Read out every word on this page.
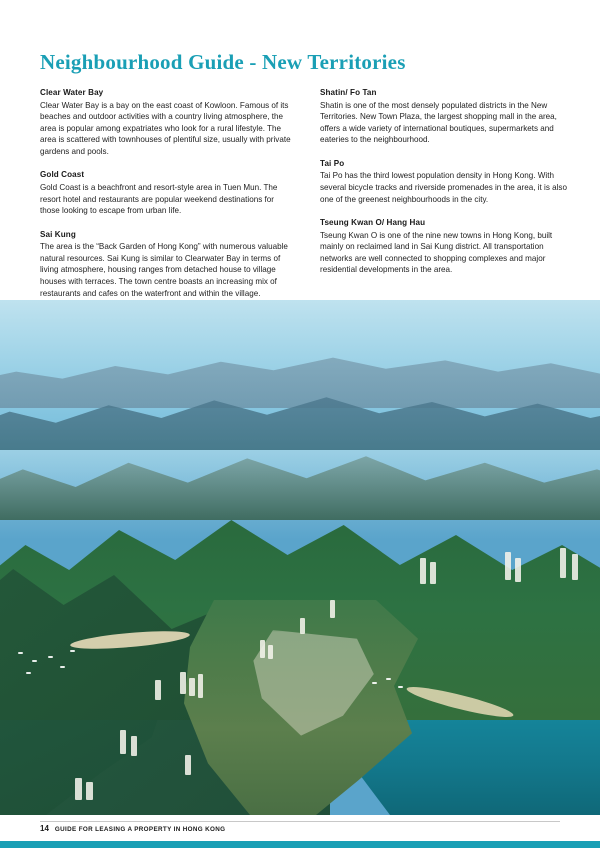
Neighbourhood Guide - New Territories
Clear Water Bay
Clear Water Bay is a bay on the east coast of Kowloon. Famous of its beaches and outdoor activities with a country living atmosphere, the area is popular among expatriates who look for a rural lifestyle. The area is scattered with townhouses of plentiful size, usually with private gardens and pools.
Gold Coast
Gold Coast is a beachfront and resort-style area in Tuen Mun. The resort hotel and restaurants are popular weekend destinations for those looking to escape from urban life.
Sai Kung
The area is the “Back Garden of Hong Kong” with numerous valuable natural resources. Sai Kung is similar to Clearwater Bay in terms of living atmosphere, housing ranges from detached house to village houses with terraces. The town centre boasts an increasing mix of restaurants and cafes on the waterfront and within the village.
Shatin/ Fo Tan
Shatin is one of the most densely populated districts in the New Territories. New Town Plaza, the largest shopping mall in the area, offers a wide variety of international boutiques, supermarkets and eateries to the neighbourhood.
Tai Po
Tai Po has the third lowest population density in Hong Kong. With several bicycle tracks and riverside promenades in the area, it is also one of the greenest neighbourhoods in the city.
Tseung Kwan O/ Hang Hau
Tseung Kwan O is one of the nine new towns in Hong Kong, built mainly on reclaimed land in Sai Kung district. All transportation networks are well connected to shopping complexes and major residential developments in the area.
14 GUIDE FOR LEASING A PROPERTY IN HONG KONG
